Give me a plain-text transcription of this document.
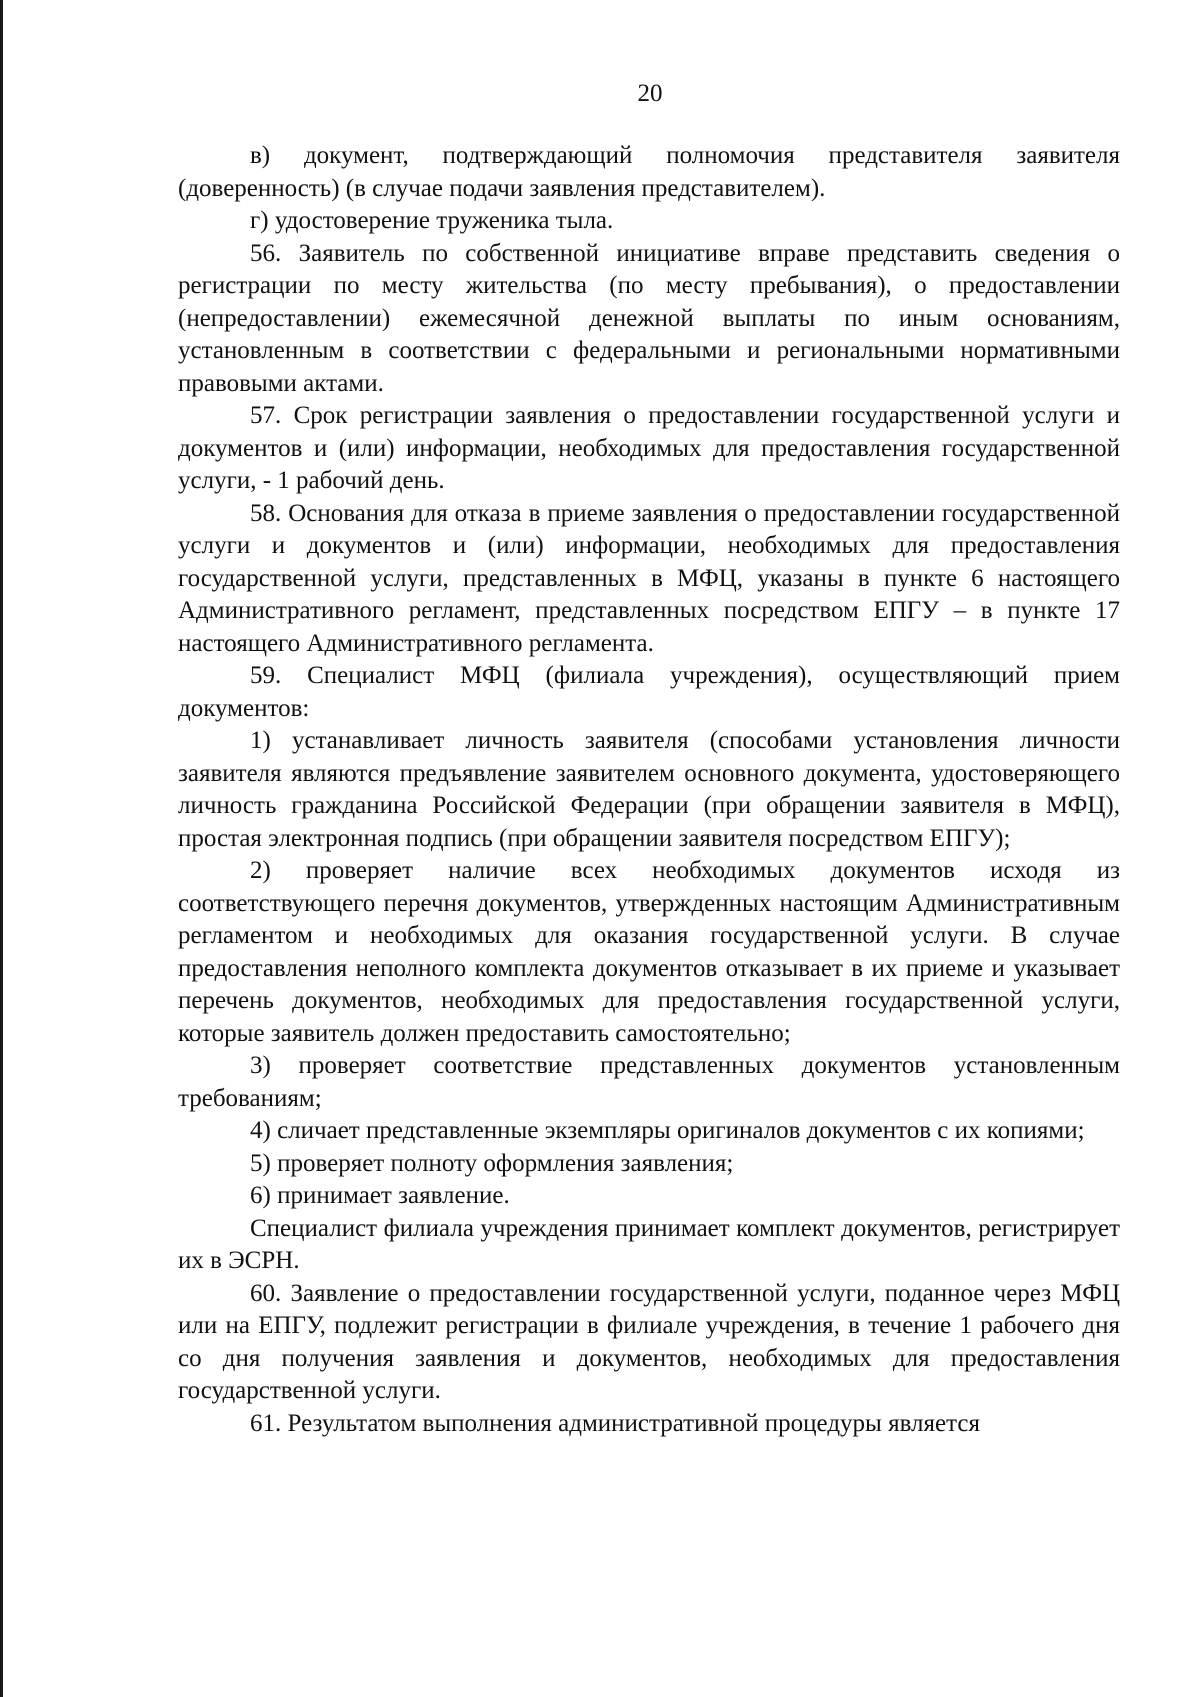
20

в) документ, подтверждающий полномочия представителя заявителя (доверенность) (в случае подачи заявления представителем).

г) удостоверение труженика тыла.

56. Заявитель по собственной инициативе вправе представить сведения о регистрации по месту жительства (по месту пребывания), о предоставлении (непредоставлении) ежемесячной денежной выплаты по иным основаниям, установленным в соответствии с федеральными и региональными нормативными правовыми актами.

57. Срок регистрации заявления о предоставлении государственной услуги и документов и (или) информации, необходимых для предоставления государственной услуги, - 1 рабочий день.

58. Основания для отказа в приеме заявления о предоставлении государственной услуги и документов и (или) информации, необходимых для предоставления государственной услуги, представленных в МФЦ, указаны в пункте 6 настоящего Административного регламент, представленных посредством ЕПГУ – в пункте 17 настоящего Административного регламента.

59. Специалист МФЦ (филиала учреждения), осуществляющий прием документов:

1) устанавливает личность заявителя (способами установления личности заявителя являются предъявление заявителем основного документа, удостоверяющего личность гражданина Российской Федерации (при обращении заявителя в МФЦ), простая электронная подпись (при обращении заявителя посредством ЕПГУ);

2) проверяет наличие всех необходимых документов исходя из соответствующего перечня документов, утвержденных настоящим Административным регламентом и необходимых для оказания государственной услуги. В случае предоставления неполного комплекта документов отказывает в их приеме и указывает перечень документов, необходимых для предоставления государственной услуги, которые заявитель должен предоставить самостоятельно;

3) проверяет соответствие представленных документов установленным требованиям;

4) сличает представленные экземпляры оригиналов документов с их копиями;

5) проверяет полноту оформления заявления;

6) принимает заявление.

Специалист филиала учреждения принимает комплект документов, регистрирует их в ЭСРН.

60. Заявление о предоставлении государственной услуги, поданное через МФЦ или на ЕПГУ, подлежит регистрации в филиале учреждения, в течение 1 рабочего дня со дня получения заявления и документов, необходимых для предоставления государственной услуги.

61. Результатом выполнения административной процедуры является
